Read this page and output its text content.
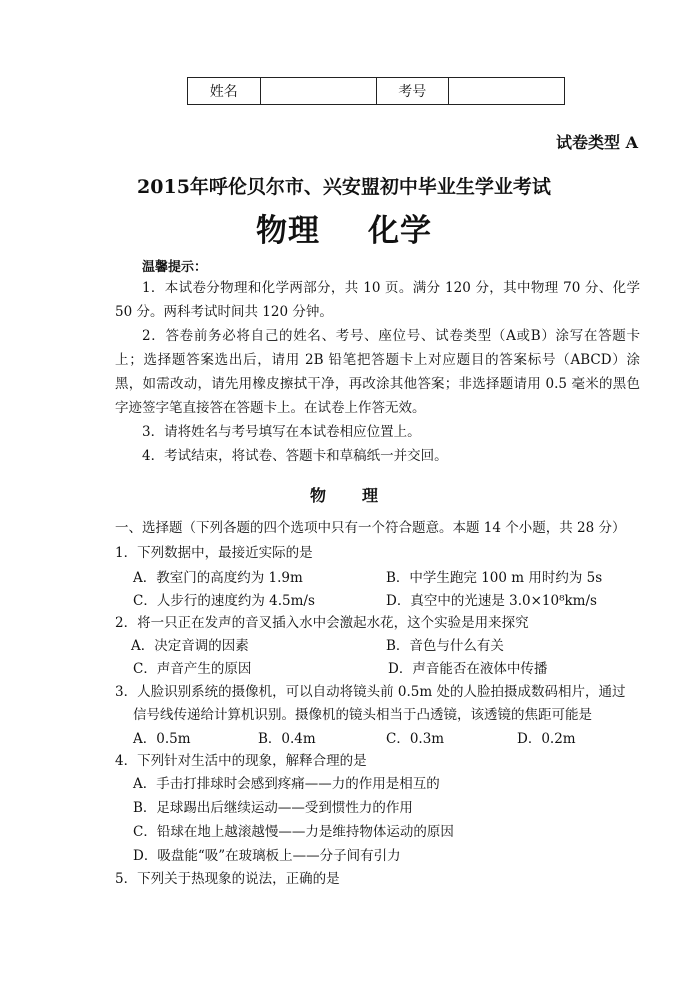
姓名		考号	
试卷类型 A
2015年呼伦贝尔市、兴安盟初中毕业生学业考试
物理 化学
温馨提示：
1．本试卷分物理和化学两部分，共 10 页。满分 120 分，其中物理 70 分、化学 50 分。两科考试时间共 120 分钟。
2．答卷前务必将自己的姓名、考号、座位号、试卷类型（A或B）涂写在答题卡上；选择题答案选出后，请用 2B 铅笔把答题卡上对应题目的答案标号（ABCD）涂黑，如需改动，请先用橡皮擦拭干净，再改涂其他答案；非选择题请用 0.5 毫米的黑色字迹签字笔直接答在答题卡上。在试卷上作答无效。
3．请将姓名与考号填写在本试卷相应位置上。
4．考试结束，将试卷、答题卡和草稿纸一并交回。
物 理
一、选择题（下列各题的四个选项中只有一个符合题意。本题 14 个小题，共 28 分）
1．下列数据中，最接近实际的是
A．教室门的高度约为 1.9m	B．中学生跑完 100 m 用时约为 5s
C．人步行的速度约为 4.5m/s	D．真空中的光速是 3.0×10⁸km/s
2．将一只正在发声的音叉插入水中会激起水花，这个实验是用来探究
A．决定音调的因素	B．音色与什么有关
C．声音产生的原因	D．声音能否在液体中传播
3．人脸识别系统的摄像机，可以自动将镜头前 0.5m 处的人脸拍摄成数码相片，通过
信号线传递给计算机识别。摄像机的镜头相当于凸透镜，该透镜的焦距可能是
A．0.5m	B．0.4m	C．0.3m	D．0.2m
4．下列针对生活中的现象，解释合理的是
A．手击打排球时会感到疼痛——力的作用是相互的
B．足球踢出后继续运动——受到惯性力的作用
C．铅球在地上越滚越慢——力是维持物体运动的原因
D．吸盘能“吸”在玻璃板上——分子间有引力
5．下列关于热现象的说法，正确的是
